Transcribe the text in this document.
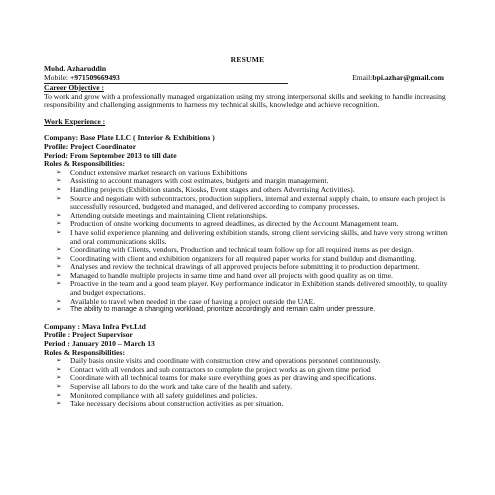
RESUME
Mohd. Azharuddin
Mobile: +971509669493	Email:bpi.azhar@gmail.com
Career Objective :

To work and grow with a professionally managed organization using my strong interpersonal skills and seeking to handle increasing responsibility and challenging assignments to harness my technical skills, knowledge and achieve recognition.

Work Experience :
Company: Base Plate LLC ( Interior & Exhibitions )
Profile: Project Coordinator
Period: From September 2013 to till date
Roles & Responsibilities:
➢ Conduct extensive market research on various Exhibitions
➢ Assisting to account managers with cost estimates, budgets and margin management.
➢ Handling projects (Exhibition stands, Kiosks, Event stages and others Advertising Activities).
➢ Source and negotiate with subcontractors, production suppliers, internal and external supply chain, to ensure each project is successfully resourced, budgeted and managed, and delivered according to company processes.
➢ Attending outside meetings and maintaining Client relationships.
➢ Production of onsite working documents to agreed deadlines, as directed by the Account Management team.
➢ I have solid experience planning and delivering exhibition stands, strong client servicing skills, and have very strong written and oral communications skills.
➢ Coordinating with Clients, vendors, Production and technical team follow up for all required items as per design.
➢ Coordinating with client and exhibition organizers for all required paper works for stand buildup and dismantling.
➢ Analyses and review the technical drawings of all approved projects before submitting it to production department.
➢ Managed to handle multiple projects in same time and hand over all projects with good quality as on time.
➢ Proactive in the team and a good team player. Key performance indicator in Exhibition stands delivered smoothly, to quality and budget expectations.
➢ Available to travel when needed in the case of having a project outside the UAE.
➢ The ability to manage a changing workload, prioritize accordingly and remain calm under pressure.
Company : Mava Infra Pvt.Ltd
Profile : Project Supervisor
Period : January 2010 – March 13
Roles & Responsibilities:
➢ Daily basis onsite visits and coordinate with construction crew and operations personnel continuously.
➢ Contact with all vendors and sub contractors to complete the project works as on given time period
➢ Coordinate with all technical teams for make sure everything goes as per drawing and specifications.
➢ Supervise all labors to do the work and take care of the health and safety.
➢ Monitored compliance with all safety guidelines and policies.
➢ Take necessary decisions about construction activities as per situation.
